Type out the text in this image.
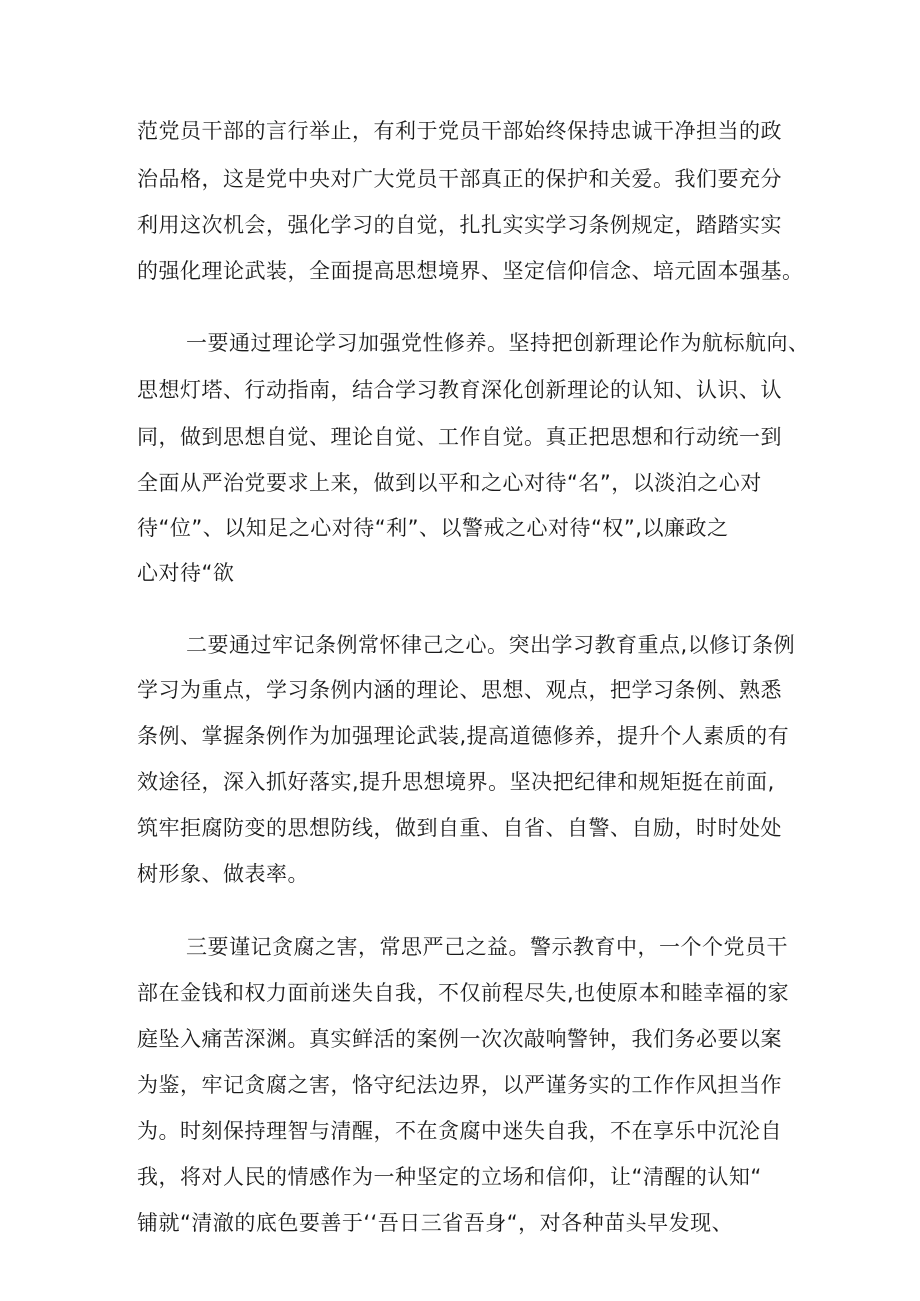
范党员干部的言行举止，有利于党员干部始终保持忠诚干净担当的政
治品格，这是党中央对广大党员干部真正的保护和关爱。我们要充分
利用这次机会，强化学习的自觉，扎扎实实学习条例规定，踏踏实实
的强化理论武装，全面提高思想境界、坚定信仰信念、培元固本强基。
一要通过理论学习加强党性修养。坚持把创新理论作为航标航向、
思想灯塔、行动指南，结合学习教育深化创新理论的认知、认识、认
同，做到思想自觉、理论自觉、工作自觉。真正把思想和行动统一到
全面从严治党要求上来，做到以平和之心对待“名”，以淡泊之心对
待“位”、以知足之心对待“利”、以警戒之心对待“权”,以廉政之
心对待“欲
二要通过牢记条例常怀律己之心。突出学习教育重点,以修订条例
学习为重点，学习条例内涵的理论、思想、观点，把学习条例、熟悉
条例、掌握条例作为加强理论武装,提高道德修养，提升个人素质的有
效途径，深入抓好落实,提升思想境界。坚决把纪律和规矩挺在前面,
筑牢拒腐防变的思想防线，做到自重、自省、自警、自励，时时处处
树形象、做表率。
三要谨记贪腐之害，常思严己之益。警示教育中，一个个党员干
部在金钱和权力面前迷失自我，不仅前程尽失,也使原本和睦幸福的家
庭坠入痛苦深渊。真实鲜活的案例一次次敲响警钟，我们务必要以案
为鉴，牢记贪腐之害，恪守纪法边界，以严谨务实的工作作风担当作
为。时刻保持理智与清醒，不在贪腐中迷失自我，不在享乐中沉沦自
我，将对人民的情感作为一种坚定的立场和信仰，让“清醒的认知“
铺就“清澈的底色要善于‘‘吾日三省吾身“，对各种苗头早发现、
